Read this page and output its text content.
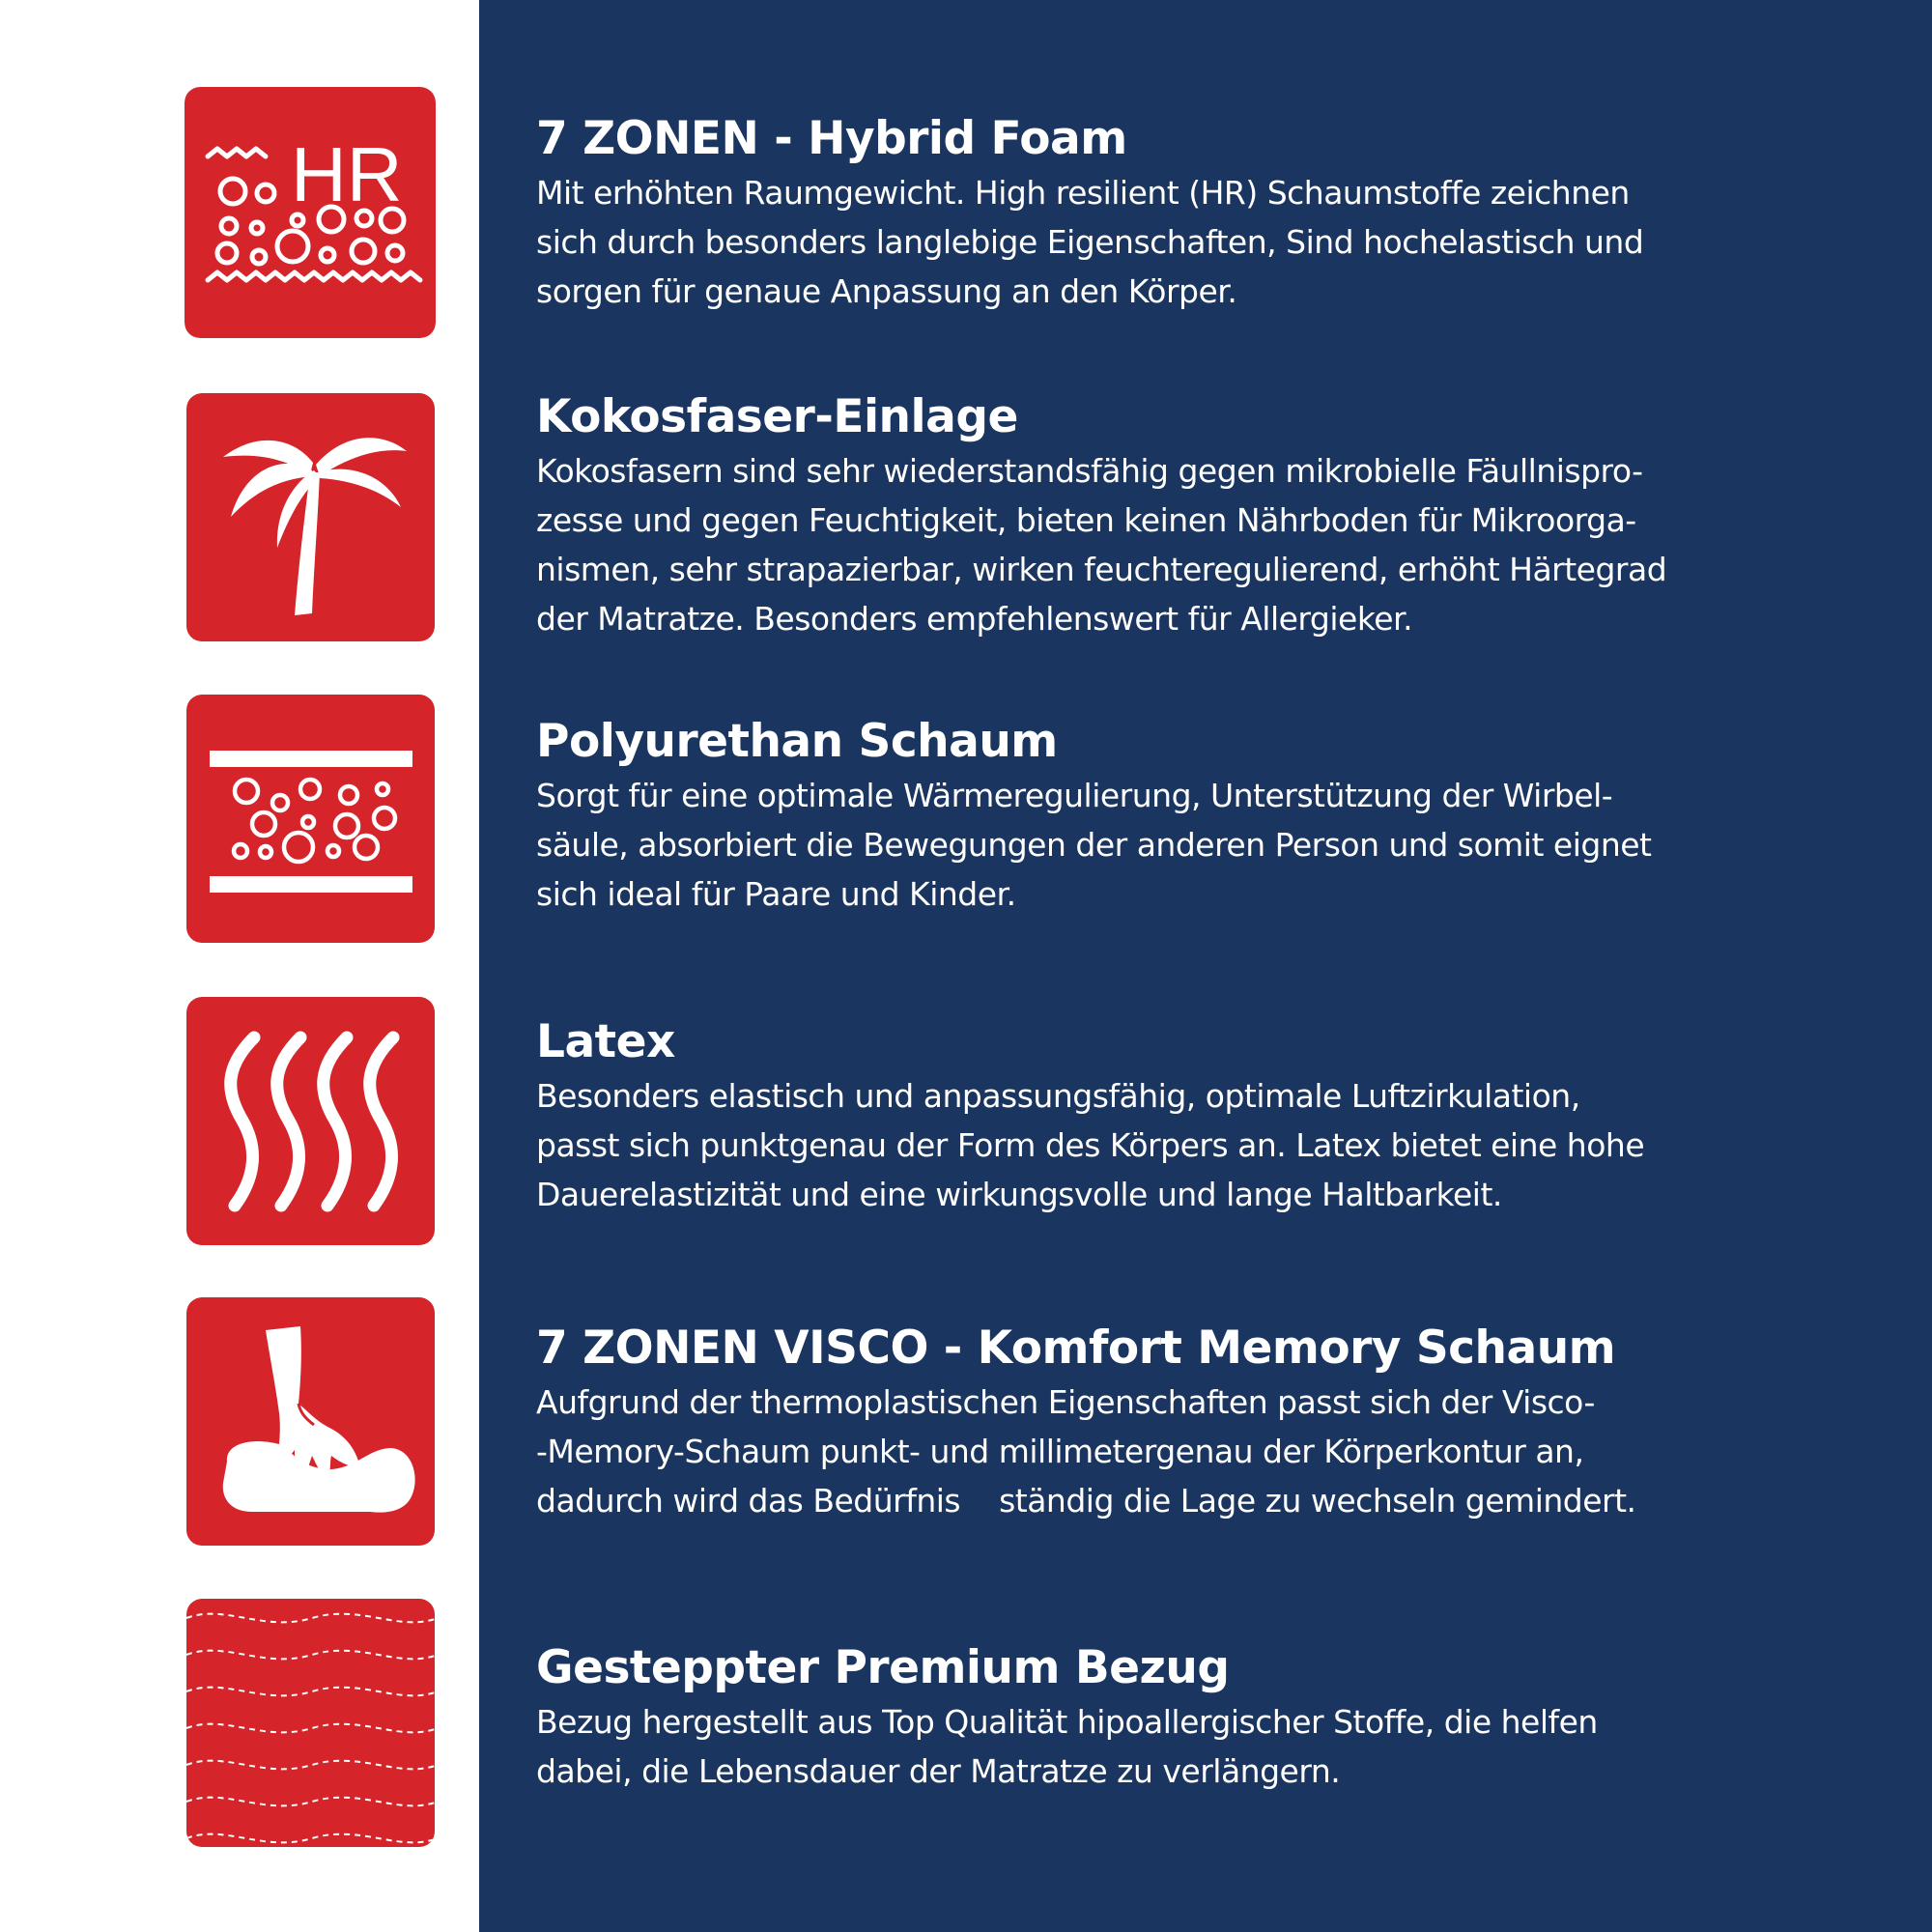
HR	7 ZONEN - Hybrid Foam

Mit erhöhten Raumgewicht. High resilient (HR) Schaumstoffe zeichnen
sich durch besonders langlebige Eigenschaften, Sind hochelastisch und
sorgen für genaue Anpassung an den Körper.

Kokosfaser-Einlage

Kokosfasern sind sehr wiederstandsfähig gegen mikrobielle Fäullnispro-
zesse und gegen Feuchtigkeit, bieten keinen Nährboden für Mikroorga-
nismen, sehr strapazierbar, wirken feuchteregulierend, erhöht Härtegrad
der Matratze. Besonders empfehlenswert für Allergieker.

Polyurethan Schaum

Sorgt für eine optimale Wärmeregulierung, Unterstützung der Wirbel-
säule, absorbiert die Bewegungen der anderen Person und somit eignet
sich ideal für Paare und Kinder.

Latex

Besonders elastisch und anpassungsfähig, optimale Luftzirkulation,
passt sich punktgenau der Form des Körpers an. Latex bietet eine hohe
Dauerelastizität und eine wirkungsvolle und lange Haltbarkeit.

7 ZONEN VISCO - Komfort Memory Schaum

Aufgrund der thermoplastischen Eigenschaften passt sich der Visco-
-Memory-Schaum punkt- und millimetergenau der Körperkontur an,
dadurch wird das Bedürfnis    ständig die Lage zu wechseln gemindert.

Gesteppter Premium Bezug

Bezug hergestellt aus Top Qualität hipoallergischer Stoffe, die helfen
dabei, die Lebensdauer der Matratze zu verlängern.
